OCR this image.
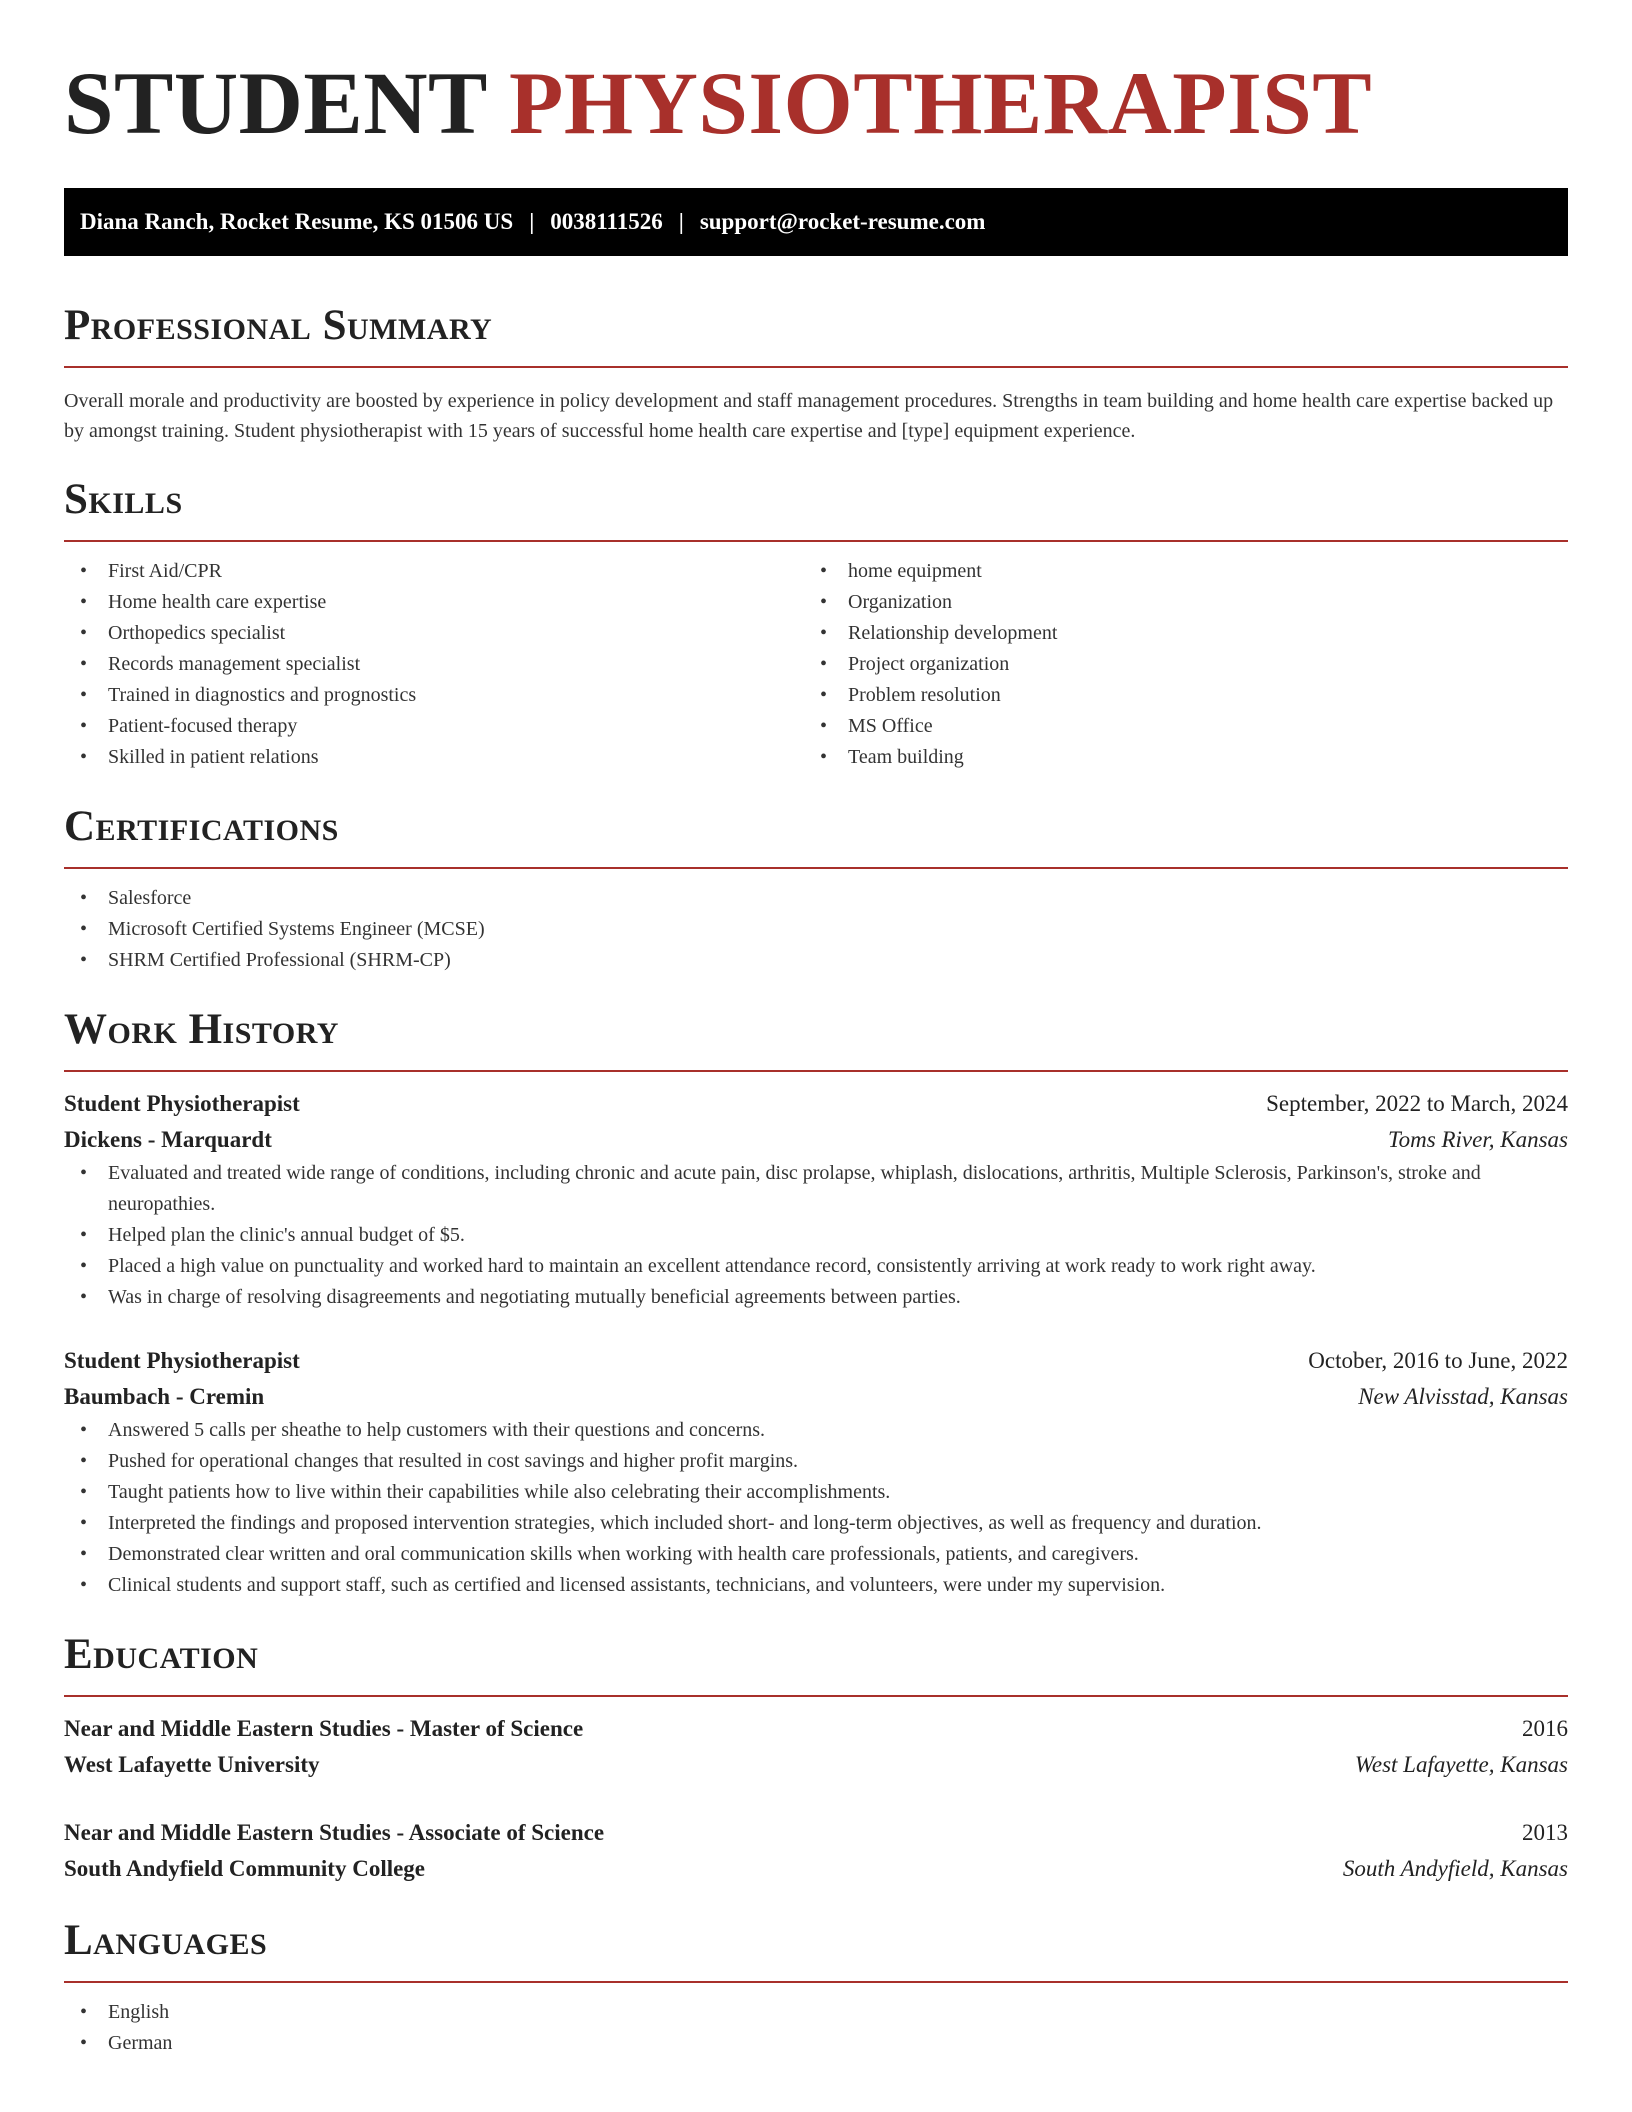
STUDENT PHYSIOTHERAPIST
Diana Ranch, Rocket Resume, KS 01506 US | 0038111526 | support@rocket-resume.com
Professional Summary

Overall morale and productivity are boosted by experience in policy development and staff management procedures. Strengths in team building and home health care expertise backed up by amongst training. Student physiotherapist with 15 years of successful home health care expertise and [type] equipment experience.

Skills
• First Aid/CPR
• Home health care expertise
• Orthopedics specialist
• Records management specialist
• Trained in diagnostics and prognostics
• Patient-focused therapy
• Skilled in patient relations
• home equipment
• Organization
• Relationship development
• Project organization
• Problem resolution
• MS Office
• Team building
Certifications
• Salesforce
• Microsoft Certified Systems Engineer (MCSE)
• SHRM Certified Professional (SHRM-CP)
Work History
Student Physiotherapist	September, 2022 to March, 2024
Dickens - Marquardt	Toms River, Kansas
• Evaluated and treated wide range of conditions, including chronic and acute pain, disc prolapse, whiplash, dislocations, arthritis, Multiple Sclerosis, Parkinson's, stroke and neuropathies.
• Helped plan the clinic's annual budget of $5.
• Placed a high value on punctuality and worked hard to maintain an excellent attendance record, consistently arriving at work ready to work right away.
• Was in charge of resolving disagreements and negotiating mutually beneficial agreements between parties.
Student Physiotherapist	October, 2016 to June, 2022
Baumbach - Cremin	New Alvisstad, Kansas
• Answered 5 calls per sheathe to help customers with their questions and concerns.
• Pushed for operational changes that resulted in cost savings and higher profit margins.
• Taught patients how to live within their capabilities while also celebrating their accomplishments.
• Interpreted the findings and proposed intervention strategies, which included short- and long-term objectives, as well as frequency and duration.
• Demonstrated clear written and oral communication skills when working with health care professionals, patients, and caregivers.
• Clinical students and support staff, such as certified and licensed assistants, technicians, and volunteers, were under my supervision.
Education
Near and Middle Eastern Studies - Master of Science	2016
West Lafayette University	West Lafayette, Kansas
Near and Middle Eastern Studies - Associate of Science	2013
South Andyfield Community College	South Andyfield, Kansas
Languages
• English
• German
